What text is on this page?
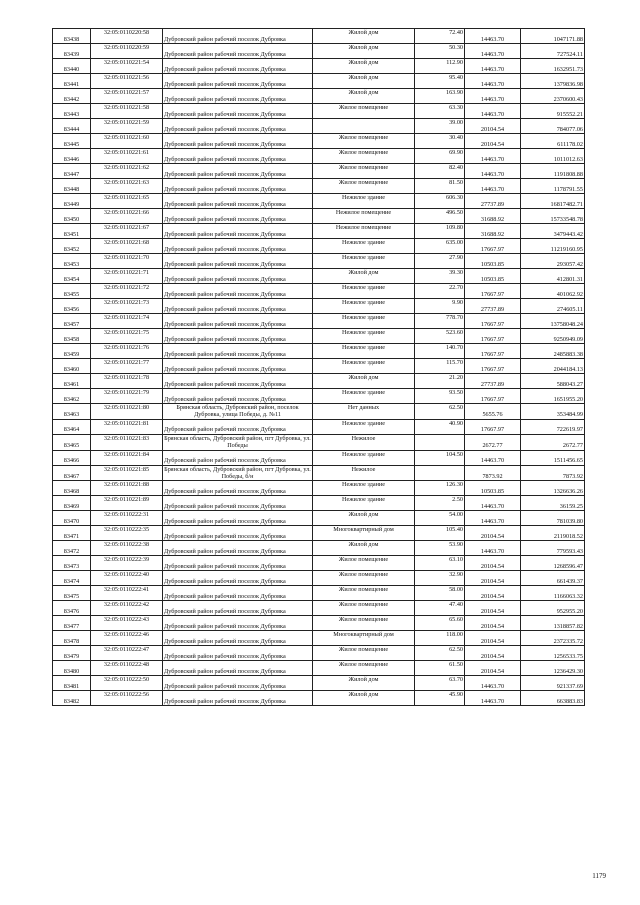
83438	32:05:0110220:58	Дубровский район рабочий поселок Дубровка	Жилой дом	72.40	14463.70	1047171.88
83439	32:05:0110220:59	Дубровский район рабочий поселок Дубровка	Жилой дом	50.30	14463.70	727524.11
83440	32:05:0110221:54	Дубровский район рабочий поселок Дубровка	Жилой дом	112.90	14463.70	1632951.73
83441	32:05:0110221:56	Дубровский район рабочий поселок Дубровка	Жилой дом	95.40	14463.70	1379836.98
83442	32:05:0110221:57	Дубровский район рабочий поселок Дубровка	Жилой дом	163.90	14463.70	2370600.43
83443	32:05:0110221:58	Дубровский район рабочий поселок Дубровка	Жилое помещение	63.30	14463.70	915552.21
83444	32:05:0110221:59	Дубровский район рабочий поселок Дубровка		39.00	20104.54	784077.06
83445	32:05:0110221:60	Дубровский район рабочий поселок Дубровка	Жилое помещение	30.40	20104.54	611178.02
83446	32:05:0110221:61	Дубровский район рабочий поселок Дубровка	Жилое помещение	69.90	14463.70	1011012.63
83447	32:05:0110221:62	Дубровский район рабочий поселок Дубровка	Жилое помещение	82.40	14463.70	1191808.88
83448	32:05:0110221:63	Дубровский район рабочий поселок Дубровка	Жилое помещение	81.50	14463.70	1178791.55
83449	32:05:0110221:65	Дубровский район рабочий поселок Дубровка	Нежилое здание	606.30	27737.89	16817482.71
83450	32:05:0110221:66	Дубровский район рабочий поселок Дубровка	Нежилое помещение	496.50	31688.92	15733548.78
83451	32:05:0110221:67	Дубровский район рабочий поселок Дубровка	Нежилое помещение	109.80	31688.92	3479443.42
83452	32:05:0110221:68	Дубровский район рабочий поселок Дубровка	Нежилое здание	635.00	17667.97	11219160.95
83453	32:05:0110221:70	Дубровский район рабочий поселок Дубровка	Нежилое здание	27.90	10503.85	293057.42
83454	32:05:0110221:71	Дубровский район рабочий поселок Дубровка	Жилой дом	39.30	10503.85	412801.31
83455	32:05:0110221:72	Дубровский район рабочий поселок Дубровка	Нежилое здание	22.70	17667.97	401062.92
83456	32:05:0110221:73	Дубровский район рабочий поселок Дубровка	Нежилое здание	9.90	27737.89	274605.11
83457	32:05:0110221:74	Дубровский район рабочий поселок Дубровка	Нежилое здание	778.70	17667.97	13758048.24
83458	32:05:0110221:75	Дубровский район рабочий поселок Дубровка	Нежилое здание	523.60	17667.97	9250949.09
83459	32:05:0110221:76	Дубровский район рабочий поселок Дубровка	Нежилое здание	140.70	17667.97	2485883.38
83460	32:05:0110221:77	Дубровский район рабочий поселок Дубровка	Нежилое здание	115.70	17667.97	2044184.13
83461	32:05:0110221:78	Дубровский район рабочий поселок Дубровка	Жилой дом	21.20	27737.89	588043.27
83462	32:05:0110221:79	Дубровский район рабочий поселок Дубровка	Нежилое здание	93.50	17667.97	1651955.20
83463	32:05:0110221:80	Брянская область, Дубровский район, поселок Дубровка, улица Победы, д. №11	Нет данных	62.50	5655.76	353484.99
83464	32:05:0110221:81	Дубровский район рабочий поселок Дубровка	Нежилое здание	40.90	17667.97	722619.97
83465	32:05:0110221:83	Брянская область, Дубровский район, пгт Дубровка, ул. Победы	Нежилое		2672.77	2672.77
83466	32:05:0110221:84	Дубровский район рабочий поселок Дубровка	Нежилое здание	104.50	14463.70	1511456.65
83467	32:05:0110221:85	Брянская область, Дубровский район, пгт Дубровка, ул. Победы, б/н	Нежилое		7873.92	7873.92
83468	32:05:0110221:88	Дубровский район рабочий поселок Дубровка	Нежилое здание	126.30	10503.85	1326636.26
83469	32:05:0110221:89	Дубровский район рабочий поселок Дубровка	Нежилое здание	2.50	14463.70	36159.25
83470	32:05:0110222:31	Дубровский район рабочий поселок Дубровка	Жилой дом	54.00	14463.70	781039.80
83471	32:05:0110222:35	Дубровский район рабочий поселок Дубровка	Многоквартирный дом	105.40	20104.54	2119018.52
83472	32:05:0110222:38	Дубровский район рабочий поселок Дубровка	Жилой дом	53.90	14463.70	779593.43
83473	32:05:0110222:39	Дубровский район рабочий поселок Дубровка	Жилое помещение	63.10	20104.54	1268596.47
83474	32:05:0110222:40	Дубровский район рабочий поселок Дубровка	Жилое помещение	32.90	20104.54	661439.37
83475	32:05:0110222:41	Дубровский район рабочий поселок Дубровка	Жилое помещение	58.00	20104.54	1166063.32
83476	32:05:0110222:42	Дубровский район рабочий поселок Дубровка	Жилое помещение	47.40	20104.54	952955.20
83477	32:05:0110222:43	Дубровский район рабочий поселок Дубровка	Жилое помещение	65.60	20104.54	1318857.82
83478	32:05:0110222:46	Дубровский район рабочий поселок Дубровка	Многоквартирный дом	118.00	20104.54	2372335.72
83479	32:05:0110222:47	Дубровский район рабочий поселок Дубровка	Жилое помещение	62.50	20104.54	1256533.75
83480	32:05:0110222:48	Дубровский район рабочий поселок Дубровка	Жилое помещение	61.50	20104.54	1236429.30
83481	32:05:0110222:50	Дубровский район рабочий поселок Дубровка	Жилой дом	63.70	14463.70	921337.69
83482	32:05:0110222:56	Дубровский район рабочий поселок Дубровка	Жилой дом	45.90	14463.70	663883.83
1179
